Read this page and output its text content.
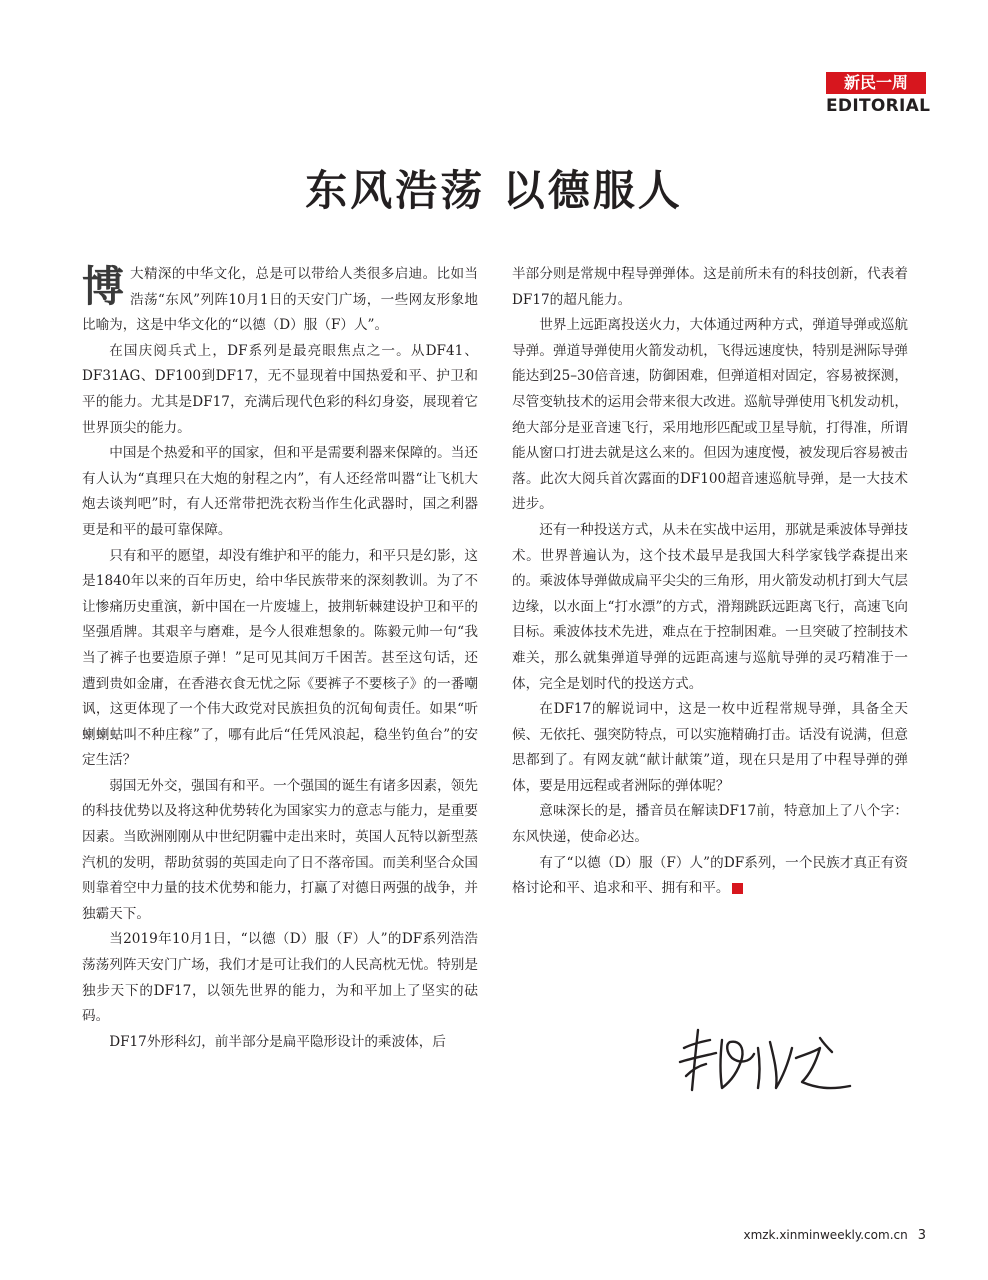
新民一周
EDITORIAL
东风浩荡 以德服人

博大精深的中华文化，总是可以带给人类很多启迪。比如当浩荡“东风”列阵10月1日的天安门广场，一些网友形象地比喻为，这是中华文化的“以德（D）服（F）人”。

在国庆阅兵式上，DF系列是最亮眼焦点之一。从DF41、DF31AG、DF100到DF17，无不显现着中国热爱和平、护卫和平的能力。尤其是DF17，充满后现代色彩的科幻身姿，展现着它世界顶尖的能力。

中国是个热爱和平的国家，但和平是需要利器来保障的。当还有人认为“真理只在大炮的射程之内”，有人还经常叫嚣“让飞机大炮去谈判吧”时，有人还常带把洗衣粉当作生化武器时，国之利器更是和平的最可靠保障。

只有和平的愿望，却没有维护和平的能力，和平只是幻影，这是1840年以来的百年历史，给中华民族带来的深刻教训。为了不让惨痛历史重演，新中国在一片废墟上，披荆斩棘建设护卫和平的坚强盾牌。其艰辛与磨难，是今人很难想象的。陈毅元帅一句“我当了裤子也要造原子弹！”足可见其间万千困苦。甚至这句话，还遭到贵如金庸，在香港衣食无忧之际《要裤子不要核子》的一番嘲讽，这更体现了一个伟大政党对民族担负的沉甸甸责任。如果“听蝲蝲蛄叫不种庄稼”了，哪有此后“任凭风浪起，稳坐钓鱼台”的安定生活？

弱国无外交，强国有和平。一个强国的诞生有诸多因素，领先的科技优势以及将这种优势转化为国家实力的意志与能力，是重要因素。当欧洲刚刚从中世纪阴霾中走出来时，英国人瓦特以新型蒸汽机的发明，帮助贫弱的英国走向了日不落帝国。而美利坚合众国则靠着空中力量的技术优势和能力，打赢了对德日两强的战争，并独霸天下。

当2019年10月1日，“以德（D）服（F）人”的DF系列浩浩荡荡列阵天安门广场，我们才是可让我们的人民高枕无忧。特别是独步天下的DF17，以领先世界的能力，为和平加上了坚实的砝码。

DF17外形科幻，前半部分是扁平隐形设计的乘波体，后

半部分则是常规中程导弹弹体。这是前所未有的科技创新，代表着DF17的超凡能力。

世界上远距离投送火力，大体通过两种方式，弹道导弹或巡航导弹。弹道导弹使用火箭发动机，飞得远速度快，特别是洲际导弹能达到25–30倍音速，防御困难，但弹道相对固定，容易被探测，尽管变轨技术的运用会带来很大改进。巡航导弹使用飞机发动机，绝大部分是亚音速飞行，采用地形匹配或卫星导航，打得准，所谓能从窗口打进去就是这么来的。但因为速度慢，被发现后容易被击落。此次大阅兵首次露面的DF100超音速巡航导弹，是一大技术进步。

还有一种投送方式，从未在实战中运用，那就是乘波体导弹技术。世界普遍认为，这个技术最早是我国大科学家钱学森提出来的。乘波体导弹做成扁平尖尖的三角形，用火箭发动机打到大气层边缘，以水面上“打水漂”的方式，滑翔跳跃远距离飞行，高速飞向目标。乘波体技术先进，难点在于控制困难。一旦突破了控制技术难关，那么就集弹道导弹的远距高速与巡航导弹的灵巧精准于一体，完全是划时代的投送方式。

在DF17的解说词中，这是一枚中近程常规导弹，具备全天候、无依托、强突防特点，可以实施精确打击。话没有说满，但意思都到了。有网友就“献计献策”道，现在只是用了中程导弹的弹体，要是用远程或者洲际的弹体呢？

意味深长的是，播音员在解读DF17前，特意加上了八个字：东风快递，使命必达。

有了“以德（D）服（F）人”的DF系列，一个民族才真正有资格讨论和平、追求和平、拥有和平。	民

xmzk.xinminweekly.com.cn 3
